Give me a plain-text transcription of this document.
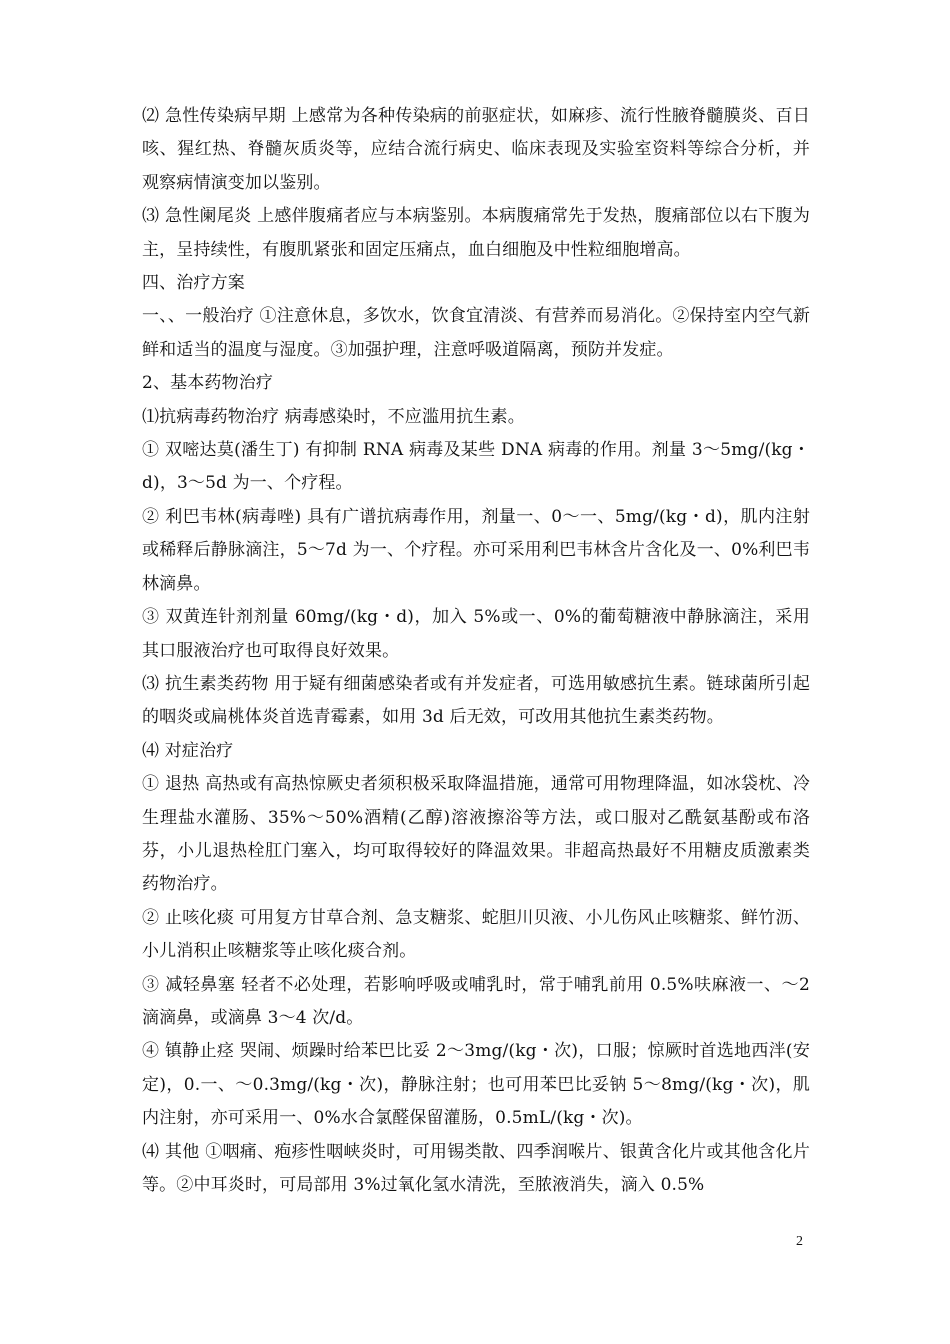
⑵ 急性传染病早期 上感常为各种传染病的前驱症状，如麻疹、流行性腋脊髓膜炎、百日咳、猩红热、脊髓灰质炎等，应结合流行病史、临床表现及实验室资料等综合分析，并观察病情演变加以鉴别。

⑶ 急性阑尾炎 上感伴腹痛者应与本病鉴别。本病腹痛常先于发热，腹痛部位以右下腹为主，呈持续性，有腹肌紧张和固定压痛点，血白细胞及中性粒细胞增高。

四、治疗方案

一、、一般治疗 ①注意休息，多饮水，饮食宜清淡、有营养而易消化。②保持室内空气新鲜和适当的温度与湿度。③加强护理，注意呼吸道隔离，预防并发症。

2、基本药物治疗

⑴抗病毒药物治疗 病毒感染时，不应滥用抗生素。

① 双嘧达莫(潘生丁) 有抑制 RNA 病毒及某些 DNA 病毒的作用。剂量 3～5mg/(kg・d)，3～5d 为一、个疗程。

② 利巴韦林(病毒唑) 具有广谱抗病毒作用，剂量一、0～一、5mg/(kg・d)，肌内注射或稀释后静脉滴注，5～7d 为一、个疗程。亦可采用利巴韦林含片含化及一、0%利巴韦林滴鼻。

③ 双黄连针剂剂量 60mg/(kg・d)，加入 5%或一、0%的葡萄糖液中静脉滴注，采用其口服液治疗也可取得良好效果。

⑶ 抗生素类药物 用于疑有细菌感染者或有并发症者，可选用敏感抗生素。链球菌所引起的咽炎或扁桃体炎首选青霉素，如用 3d 后无效，可改用其他抗生素类药物。

⑷ 对症治疗

① 退热 高热或有高热惊厥史者须积极采取降温措施，通常可用物理降温，如冰袋枕、冷生理盐水灌肠、35%～50%酒精(乙醇)溶液擦浴等方法，或口服对乙酰氨基酚或布洛芬，小儿退热栓肛门塞入，均可取得较好的降温效果。非超高热最好不用糖皮质激素类药物治疗。

② 止咳化痰 可用复方甘草合剂、急支糖浆、蛇胆川贝液、小儿伤风止咳糖浆、鲜竹沥、小儿消积止咳糖浆等止咳化痰合剂。

③ 减轻鼻塞 轻者不必处理，若影响呼吸或哺乳时，常于哺乳前用 0.5%呋麻液一、～2 滴滴鼻，或滴鼻 3～4 次/d。

④ 镇静止痉 哭闹、烦躁时给苯巴比妥 2～3mg/(kg・次)，口服；惊厥时首选地西泮(安定)，0.一、～0.3mg/(kg・次)，静脉注射；也可用苯巴比妥钠 5～8mg/(kg・次)，肌内注射，亦可采用一、0%水合氯醛保留灌肠，0.5mL/(kg・次)。

⑷ 其他 ①咽痛、疱疹性咽峡炎时，可用锡类散、四季润喉片、银黄含化片或其他含化片等。②中耳炎时，可局部用 3%过氧化氢水清洗，至脓液消失，滴入 0.5%

2
